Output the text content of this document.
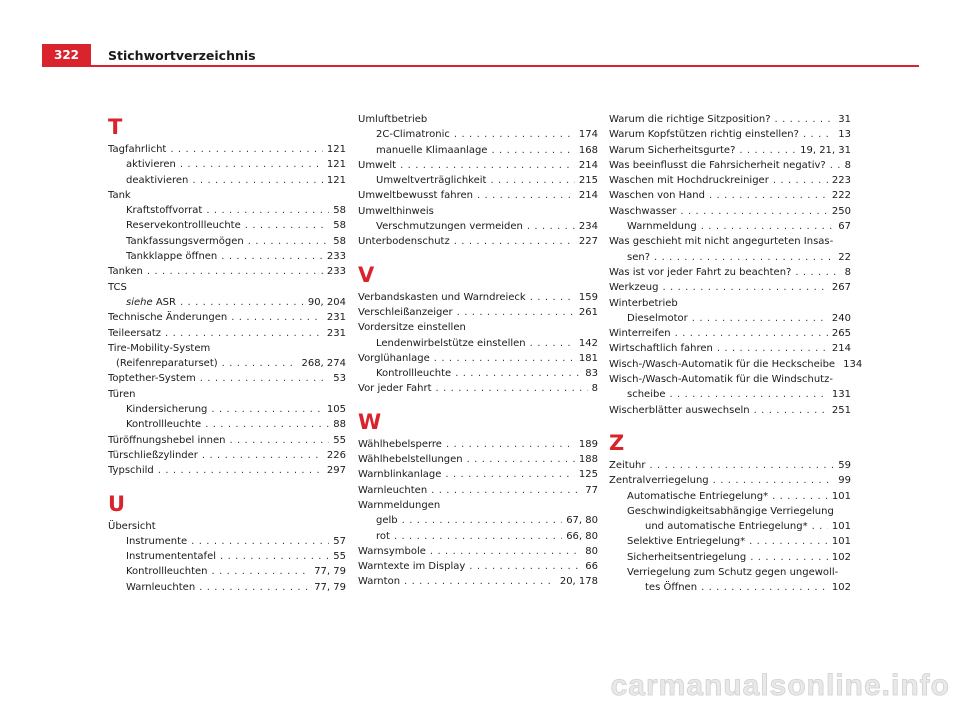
322	Stichwortverzeichnis
T
Tagfahrlicht . . .	121
aktivieren . . .	121
deaktivieren . . .	121
Tank
Kraftstoffvorrat . . .	58
Reservekontrollleuchte . . .	58
Tankfassungsvermögen . . .	58
Tankklappe öffnen . . .	233
Tanken . . .	233
TCS
siehe ASR . . .	90, 204
Technische Änderungen . . .	231
Teileersatz . . .	231
Tire-Mobility-System
(Reifenreparaturset) . . .	268, 274
Toptether-System . . .	53
Türen
Kindersicherung . . .	105
Kontrollleuchte . . .	88
Türöffnungshebel innen . . .	55
Türschließzylinder . . .	226
Typschild . . .	297
U
Übersicht
Instrumente . . .	57
Instrumententafel . . .	55
Kontrollleuchten . . .	77, 79
Warnleuchten . . .	77, 79
Umluftbetrieb
2C-Climatronic . . .	174
manuelle Klimaanlage . . .	168
Umwelt . . .	214
Umweltverträglichkeit . . .	215
Umweltbewusst fahren . . .	214
Umwelthinweis
Verschmutzungen vermeiden . . .	234
Unterbodenschutz . . .	227
V
Verbandskasten und Warndreieck . . .	159
Verschleißanzeiger . . .	261
Vordersitze einstellen
Lendenwirbelstütze einstellen . . .	142
Vorglühanlage . . .	181
Kontrollleuchte . . .	83
Vor jeder Fahrt . . .	8
W
Wählhebelsperre . . .	189
Wählhebelstellungen . . .	188
Warnblinkanlage . . .	125
Warnleuchten . . .	77
Warnmeldungen
gelb . . .	67, 80
rot . . .	66, 80
Warnsymbole . . .	80
Warntexte im Display . . .	66
Warnton . . .	20, 178
Warum die richtige Sitzposition? . . .	31
Warum Kopfstützen richtig einstellen? . . .	13
Warum Sicherheitsgurte? . . .	19, 21, 31
Was beeinflusst die Fahrsicherheit negativ? . . . 8
Waschen mit Hochdruckreiniger . . .	223
Waschen von Hand . . .	222
Waschwasser . . .	250
Warnmeldung . . .	67
Was geschieht mit nicht angegurteten Insas-
sen? . . .	22
Was ist vor jeder Fahrt zu beachten? . . .	8
Werkzeug . . .	267
Winterbetrieb
Dieselmotor . . .	240
Winterreifen . . .	265
Wirtschaftlich fahren . . .	214
Wisch-/Wasch-Automatik für die Heckscheibe 134
Wisch-/Wasch-Automatik für die Windschutz-
scheibe . . .	131
Wischerblätter auswechseln . . .	251
Z
Zeituhr . . .	59
Zentralverriegelung . . .	99
Automatische Entriegelung* . . .	101
Geschwindigkeitsabhängige Verriegelung
und automatische Entriegelung* . . . 101
Selektive Entriegelung* . . .	101
Sicherheitsentriegelung . . .	102
Verriegelung zum Schutz gegen ungewoll-
tes Öffnen . . .	102
carmanualsonline.info
